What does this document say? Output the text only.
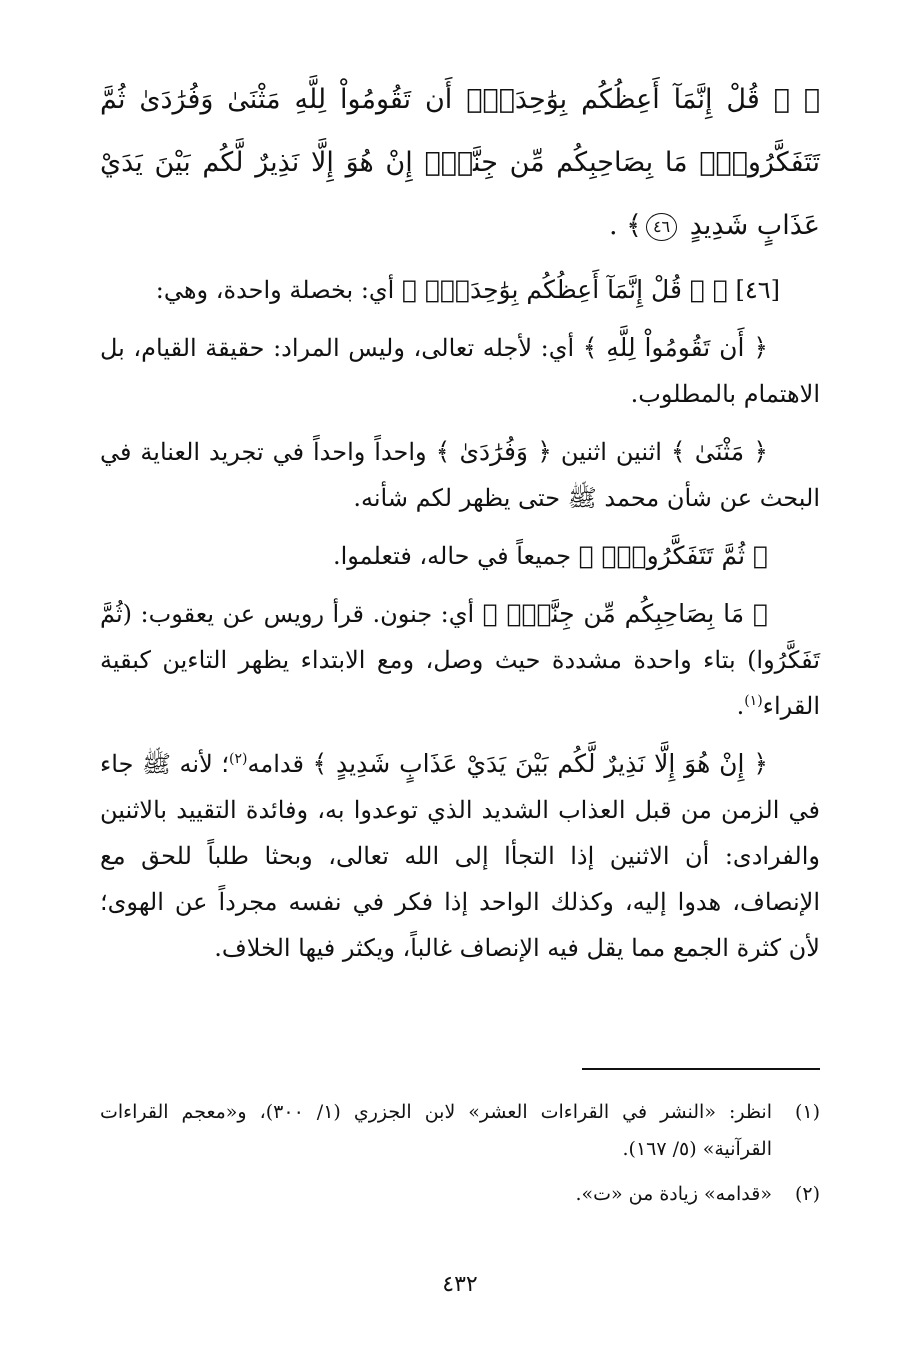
﴿ ۞ قُلْ إِنَّمَآ أَعِظُكُم بِوَٰحِدَةٍۖ أَن تَقُومُواْ لِلَّهِ مَثْنَىٰ وَفُرَٰدَىٰ ثُمَّ تَتَفَكَّرُواْۚ مَا بِصَاحِبِكُم مِّن جِنَّةٍۚ إِنْ هُوَ إِلَّا نَذِيرٌ لَّكُم بَيْنَ يَدَيْ عَذَابٍ شَدِيدٍ ٤٦﴾ .

[٤٦] ﴿ ۞ قُلْ إِنَّمَآ أَعِظُكُم بِوَٰحِدَةٍۖ ﴾ أي: بخصلة واحدة، وهي:

﴿ أَن تَقُومُواْ لِلَّهِ ﴾ أي: لأجله تعالى، وليس المراد: حقيقة القيام، بل الاهتمام بالمطلوب.

﴿ مَثْنَىٰ ﴾ اثنين اثنين ﴿ وَفُرَٰدَىٰ ﴾ واحداً واحداً في تجريد العناية في البحث عن شأن محمد ﷺ حتى يظهر لكم شأنه.

﴿ ثُمَّ تَتَفَكَّرُواْۚ ﴾ جميعاً في حاله، فتعلموا.

﴿ مَا بِصَاحِبِكُم مِّن جِنَّةٍۚ ﴾ أي: جنون. قرأ رويس عن يعقوب: (ثُمَّ تَفَكَّرُوا) بتاء واحدة مشددة حيث وصل، ومع الابتداء يظهر التاءين كبقية القراء$^{(١)}$.

﴿ إِنْ هُوَ إِلَّا نَذِيرٌ لَّكُم بَيْنَ يَدَيْ عَذَابٍ شَدِيدٍ ﴾ قدامه$^{(٢)}$؛ لأنه ﷺ جاء في الزمن من قبل العذاب الشديد الذي توعدوا به، وفائدة التقييد بالاثنين والفرادى: أن الاثنين إذا التجأا إلى الله تعالى، وبحثا طلباً للحق مع الإنصاف، هدوا إليه، وكذلك الواحد إذا فكر في نفسه مجرداً عن الهوى؛ لأن كثرة الجمع مما يقل فيه الإنصاف غالباً، ويكثر فيها الخلاف.

(١)انظر: «النشر في القراءات العشر» لابن الجزري (١/ ٣٠٠)، و«معجم القراءات القرآنية» (٥/ ١٦٧).

(٢)«قدامه» زيادة من «ت».

٤٣٢
